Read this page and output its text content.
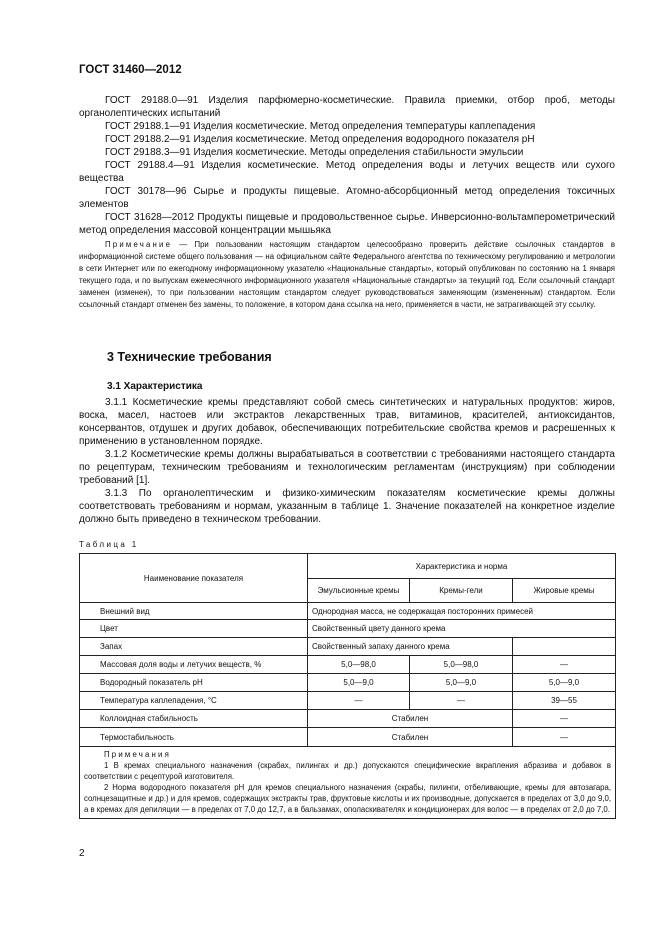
ГОСТ 31460—2012

ГОСТ 29188.0—91 Изделия парфюмерно-косметические. Правила приемки, отбор проб, методы органолептических испытаний

ГОСТ 29188.1—91 Изделия косметические. Метод определения температуры каплепадения

ГОСТ 29188.2—91 Изделия косметические. Метод определения водородного показателя pH

ГОСТ 29188.3—91 Изделия косметические. Методы определения стабильности эмульсии

ГОСТ 29188.4—91 Изделия косметические. Метод определения воды и летучих веществ или сухого вещества

ГОСТ 30178—96 Сырье и продукты пищевые. Атомно-абсорбционный метод определения токсичных элементов

ГОСТ 31628—2012 Продукты пищевые и продовольственное сырье. Инверсионно-вольтамперометрический метод определения массовой концентрации мышьяка

Примечание — При пользовании настоящим стандартом целесообразно проверить действие ссылочных стандартов в информационной системе общего пользования — на официальном сайте Федерального агентства по техническому регулированию и метрологии в сети Интернет или по ежегодному информационному указателю «Национальные стандарты», который опубликован по состоянию на 1 января текущего года, и по выпускам ежемесячного информационного указателя «Национальные стандарты» за текущий год. Если ссылочный стандарт заменен (изменен), то при пользовании настоящим стандартом следует руководствоваться заменяющим (измененным) стандартом. Если ссылочный стандарт отменен без замены, то положение, в котором дана ссылка на него, применяется в части, не затрагивающей эту ссылку.

3 Технические требования
3.1 Характеристика

3.1.1 Косметические кремы представляют собой смесь синтетических и натуральных продуктов: жиров, воска, масел, настоев или экстрактов лекарственных трав, витаминов, красителей, антиоксидантов, консервантов, отдушек и других добавок, обеспечивающих потребительские свойства кремов и расрешенных к применению в установленном порядке.

3.1.2 Косметические кремы должны вырабатываться в соответствии с требованиями настоящего стандарта по рецептурам, техническим требованиям и технологическим регламентам (инструкциям) при соблюдении требований [1].

3.1.3 По органолептическим и физико-химическим показателям косметические кремы должны соответствовать требованиям и нормам, указанным в таблице 1. Значение показателей на конкретное изделие должно быть приведено в техническом требовании.

Таблица 1

Наименование показателя	Характеристика и норма		
	Эмульсионные кремы	Кремы-гели	Жировые кремы
Внешний вид	Однородная масса, не содержащая посторонних примесей		
Цвет	Свойственный цвету данного крема		
Запах	Свойственный запаху данного крема		
Массовая доля воды и летучих веществ, %	5,0—98,0	5,0—98,0	—
Водородный показатель pH	5,0—9,0	5,0—9,0	5,0—9,0
Температура каплепадения, °С	—	—	39—55
Коллоидная стабильность	Стабилен		—
Термостабильность	Стабилен		—

Примечания

1 В кремах специального назначения (скрабах, пилингах и др.) допускаются специфические вкрапления абразива и добавок в соответствии с рецептурой изготовителя.

2 Норма водородного показателя pH для кремов специального назначения (скрабы, пилинги, отбеливающие, кремы для автозагара, солнцезащитные и др.) и для кремов, содержащих экстракты трав, фруктовые кислоты и их производные, допускается в пределах от 3,0 до 9,0, а в кремах для депиляции — в пределах от 7,0 до 12,7, а в бальзамах, ополаскивателях и кондиционерах для волос — в пределах от 2,0 до 7,0.			

2
